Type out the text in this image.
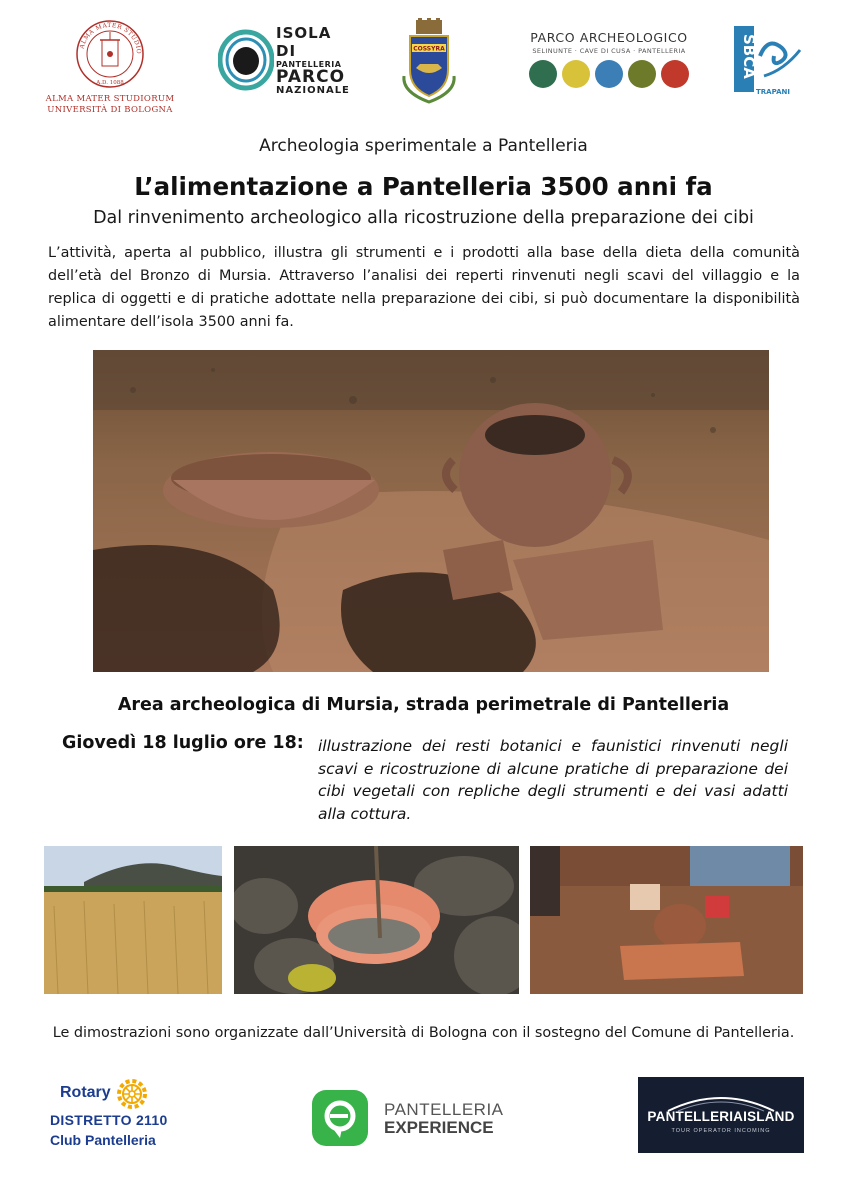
ALMA MATER STUDIO
A.D. 1088
ALMA MATER STUDIORUM
UNIVERSITÀ DI BOLOGNA
ISOLA DI
PANTELLERIA
PARCO
NAZIONALE
COSSYRA
PARCO ARCHEOLOGICO
SELINUNTE · CAVE DI CUSA · PANTELLERIA	SBCA
TRAPANI
Archeologia sperimentale a Pantelleria
L’alimentazione a Pantelleria 3500 anni fa
Dal rinvenimento archeologico alla ricostruzione della preparazione dei cibi

L’attività, aperta al pubblico, illustra gli strumenti e i prodotti alla base della dieta della comunità dell’età del Bronzo di Mursia. Attraverso l’analisi dei reperti rinvenuti negli scavi del villaggio e la replica di oggetti e di pratiche adottate nella preparazione dei cibi, si può documentare la disponibilità alimentare dell’isola 3500 anni fa.

Area archeologica di Mursia, strada perimetrale di Pantelleria
Giovedì 18 luglio ore 18: illustrazione dei resti botanici e faunistici rinvenuti negli scavi e ricostruzione di alcune pratiche di preparazione dei cibi vegetali con repliche degli strumenti e dei vasi adatti alla cottura.

Le dimostrazioni sono organizzate dall’Università di Bologna con il sostegno del Comune di Pantelleria.

Rotary
DISTRETTO 2110
Club Pantelleria
PANTELLERIA
EXPERIENCE
PANTELLERIAISLAND
TOUR OPERATOR INCOMING
